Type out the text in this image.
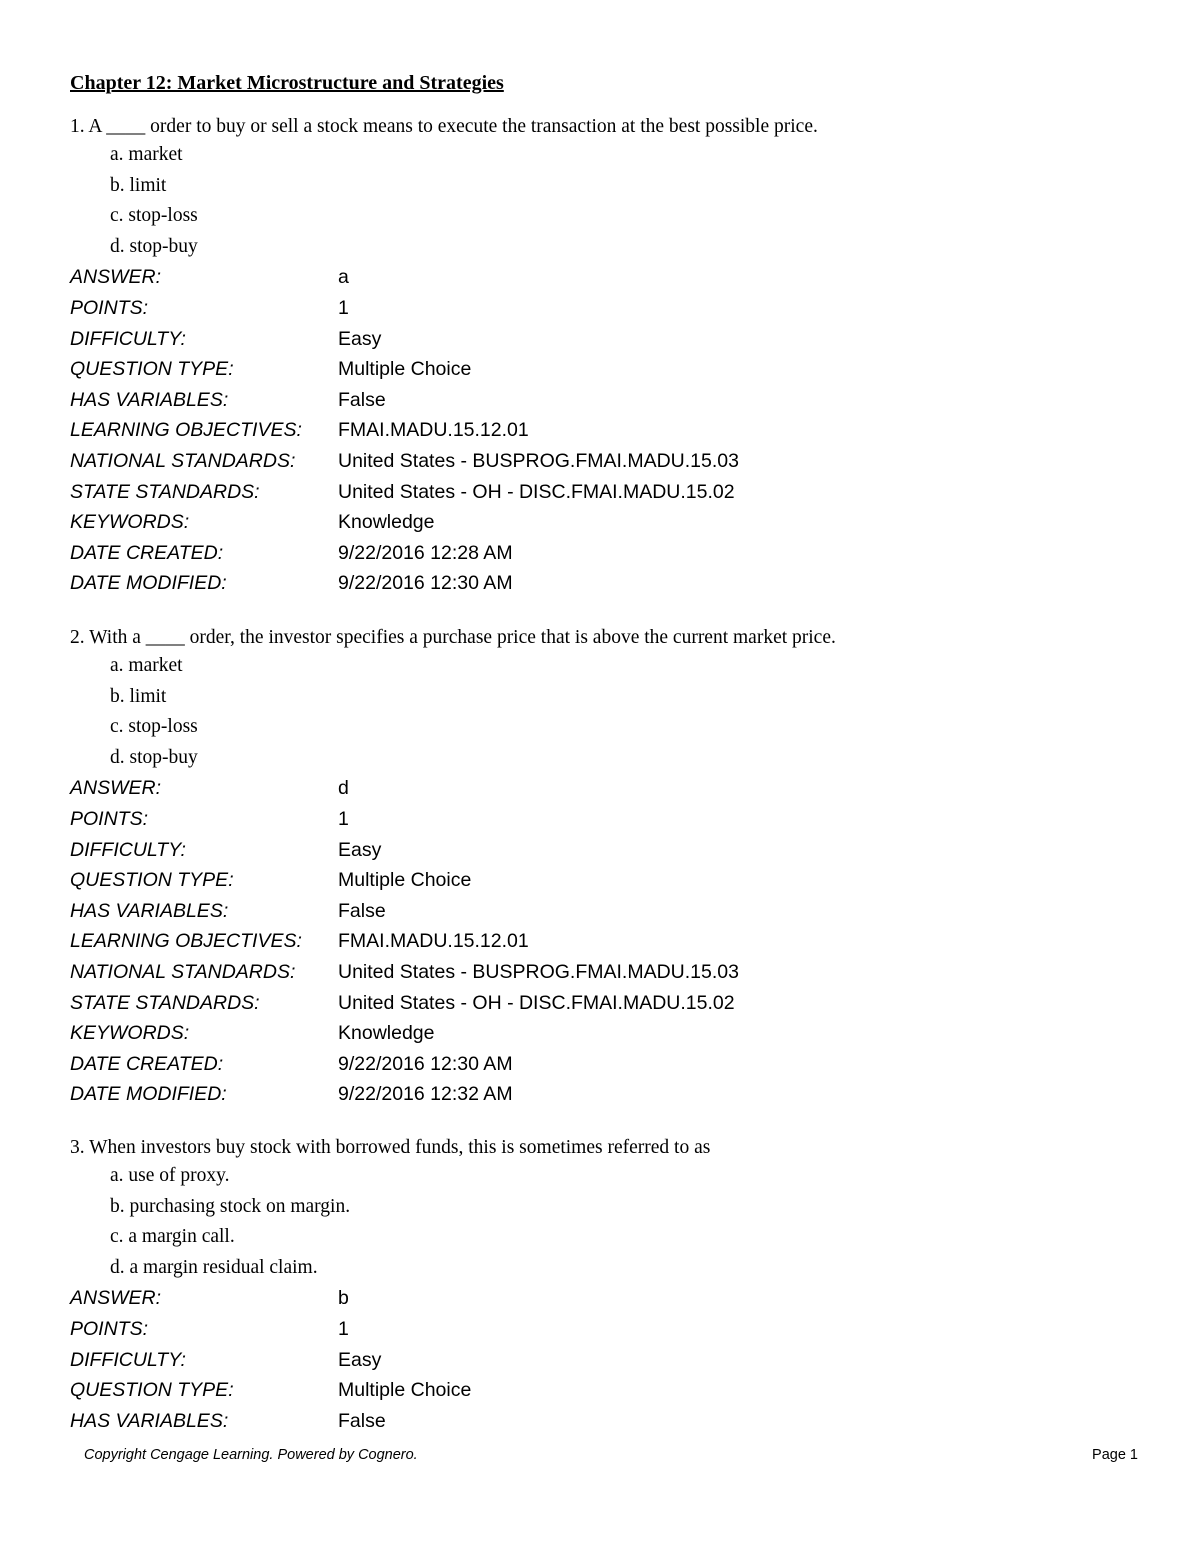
Chapter 12: Market Microstructure and Strategies
1. A ____ order to buy or sell a stock means to execute the transaction at the best possible price.
a. market
b. limit
c. stop-loss
d. stop-buy
ANSWER:	a
POINTS:	1
DIFFICULTY:	Easy
QUESTION TYPE:	Multiple Choice
HAS VARIABLES:	False
LEARNING OBJECTIVES: FMAI.MADU.15.12.01
NATIONAL STANDARDS: United States - BUSPROG.FMAI.MADU.15.03
STATE STANDARDS:	United States - OH - DISC.FMAI.MADU.15.02
KEYWORDS:	Knowledge
DATE CREATED:	9/22/2016 12:28 AM
DATE MODIFIED:	9/22/2016 12:30 AM
2. With a ____ order, the investor specifies a purchase price that is above the current market price.
a. market
b. limit
c. stop-loss
d. stop-buy
ANSWER:	d
POINTS:	1
DIFFICULTY:	Easy
QUESTION TYPE:	Multiple Choice
HAS VARIABLES:	False
LEARNING OBJECTIVES: FMAI.MADU.15.12.01
NATIONAL STANDARDS: United States - BUSPROG.FMAI.MADU.15.03
STATE STANDARDS:	United States - OH - DISC.FMAI.MADU.15.02
KEYWORDS:	Knowledge
DATE CREATED:	9/22/2016 12:30 AM
DATE MODIFIED:	9/22/2016 12:32 AM
3. When investors buy stock with borrowed funds, this is sometimes referred to as
a. use of proxy.
b. purchasing stock on margin.
c. a margin call.
d. a margin residual claim.
ANSWER:	b
POINTS:	1
DIFFICULTY:	Easy
QUESTION TYPE:	Multiple Choice
HAS VARIABLES:	False
Copyright Cengage Learning. Powered by Cognero.	Page 1
